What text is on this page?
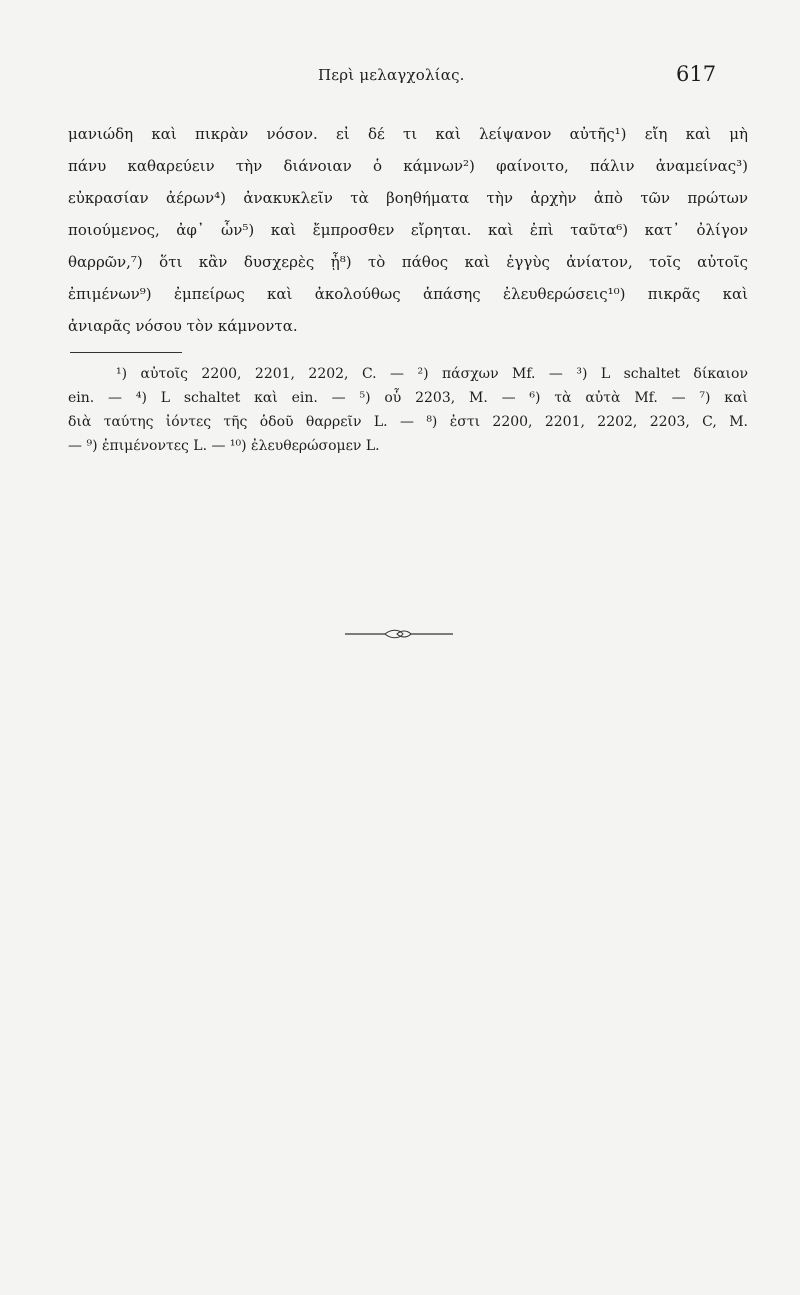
Περὶ μελαγχολίας.	617
μανιώδη καὶ πικρὰν νόσον. εἰ δέ τι καὶ λείψανον αὐτῆς¹) εἴη καὶ μὴ
πάνυ καθαρεύειν τὴν διάνοιαν ὁ κάμνων²) φαίνοιτο, πάλιν ἀναμείνας³)
εὐκρασίαν ἀέρων⁴) ἀνακυκλεῖν τὰ βοηθήματα τὴν ἀρχὴν ἀπὸ τῶν πρώτων
ποιούμενος, ἀφ᾽ ὧν⁵) καὶ ἔμπροσθεν εἴρηται. καὶ ἐπὶ ταῦτα⁶) κατ᾽ ὀλίγον
θαρρῶν,⁷) ὅτι κἂν δυσχερὲς ᾖ⁸) τὸ πάθος καὶ ἐγγὺς ἀνίατον, τοῖς αὐτοῖς
ἐπιμένων⁹) ἐμπείρως καὶ ἀκολούθως ἁπάσης ἐλευθερώσεις¹⁰) πικρᾶς καὶ
ἀνιαρᾶς νόσου τὸν κάμνοντα.
¹) αὐτοῖς 2200, 2201, 2202, C. — ²) πάσχων Mf. — ³) L schaltet δίκαιον
ein. — ⁴) L schaltet καὶ ein. — ⁵) οὗ 2203, M. — ⁶) τὰ αὐτὰ Mf. — ⁷) καὶ
διὰ ταύτης ἰόντες τῆς ὁδοῦ θαρρεῖν L. — ⁸) ἐστι 2200, 2201, 2202, 2203, C, M.
— ⁹) ἐπιμένοντες L. — ¹⁰) ἐλευθερώσομεν L.
